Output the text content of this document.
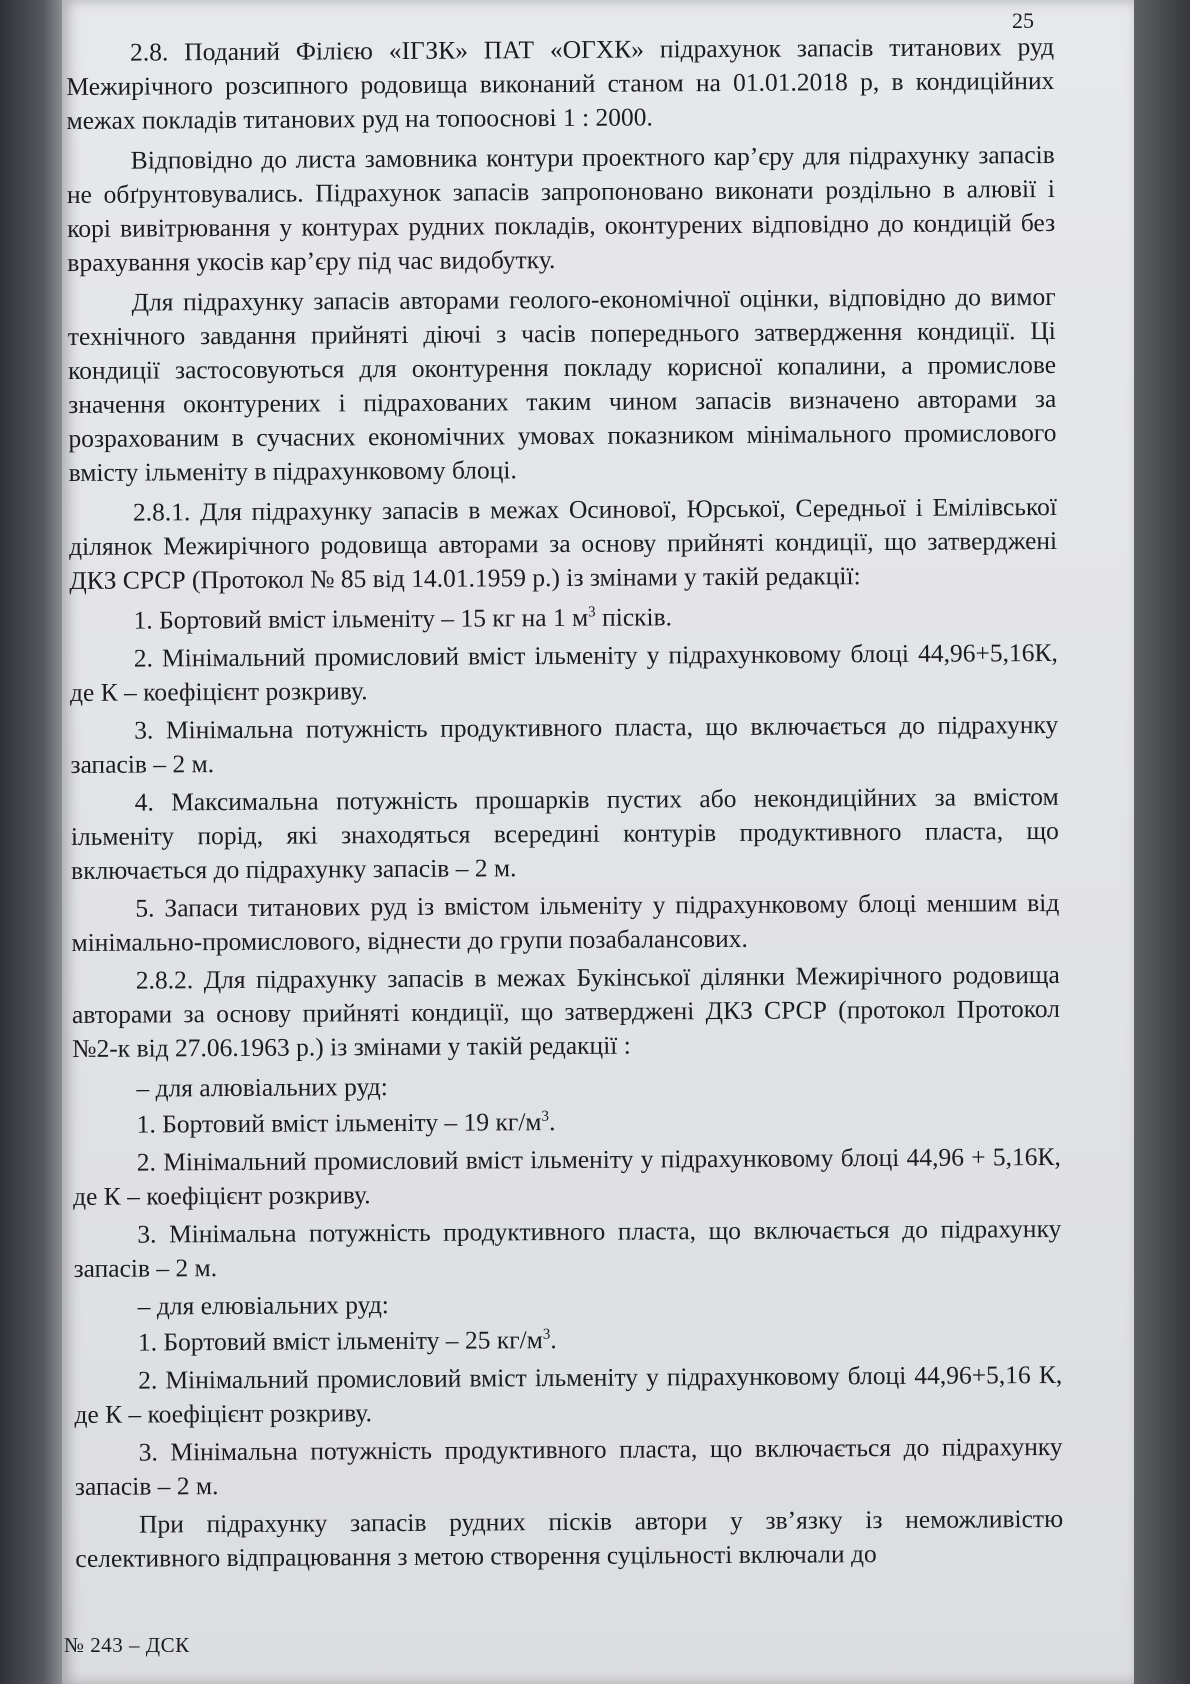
25

2.8. Поданий Філією «ІГЗК» ПАТ «ОГХК» підрахунок запасів титанових руд Межирічного розсипного родовища виконаний станом на 01.01.2018 р, в кондиційних межах покладів титанових руд на топооснові 1 : 2000.

Відповідно до листа замовника контури проектного кар’єру для підрахунку запасів не обґрунтовувались. Підрахунок запасів запропоновано виконати роздільно в алювії і корі вивітрювання у контурах рудних покладів, оконтурених відповідно до кондицій без врахування укосів кар’єру під час видобутку.

Для підрахунку запасів авторами геолого-економічної оцінки, відповідно до вимог технічного завдання прийняті діючі з часів попереднього затвердження кондиції. Ці кондиції застосовуються для оконтурення покладу корисної копалини, а промислове значення оконтурених і підрахованих таким чином запасів визначено авторами за розрахованим в сучасних економічних умовах показником мінімального промислового вмісту ільменіту в підрахунковому блоці.

2.8.1. Для підрахунку запасів в межах Осинової, Юрської, Середньої і Емілівської ділянок Межирічного родовища авторами за основу прийняті кондиції, що затверджені ДКЗ СРСР (Протокол № 85 від 14.01.1959 р.) із змінами у такій редакції:

1. Бортовий вміст ільменіту – 15 кг на 1 $м^3$ пісків.

2. Мінімальний промисловий вміст ільменіту у підрахунковому блоці 44,96+5,16К, де К – коефіцієнт розкриву.

3. Мінімальна потужність продуктивного пласта, що включається до підрахунку запасів – 2 м.

4. Максимальна потужність прошарків пустих або некондиційних за вмістом ільменіту порід, які знаходяться всередині контурів продуктивного пласта, що включається до підрахунку запасів – 2 м.

5. Запаси титанових руд із вмістом ільменіту у підрахунковому блоці меншим від мінімально-промислового, віднести до групи позабалансових.

2.8.2. Для підрахунку запасів в межах Букінської ділянки Межирічного родовища авторами за основу прийняті кондиції, що затверджені ДКЗ СРСР (протокол Протокол №2-к від 27.06.1963 р.) із змінами у такій редакції :

– для алювіальних руд:

1. Бортовий вміст ільменіту – 19 $кг/м^3$.

2. Мінімальний промисловий вміст ільменіту у підрахунковому блоці 44,96 + 5,16К, де К – коефіцієнт розкриву.

3. Мінімальна потужність продуктивного пласта, що включається до підрахунку запасів – 2 м.

– для елювіальних руд:

1. Бортовий вміст ільменіту – 25 $кг/м^3$.

2. Мінімальний промисловий вміст ільменіту у підрахунковому блоці 44,96+5,16 К, де К – коефіцієнт розкриву.

3. Мінімальна потужність продуктивного пласта, що включається до підрахунку запасів – 2 м.

При підрахунку запасів рудних пісків автори у зв’язку із неможливістю селективного відпрацювання з метою створення суцільності включали до

№ 243 – ДСК
